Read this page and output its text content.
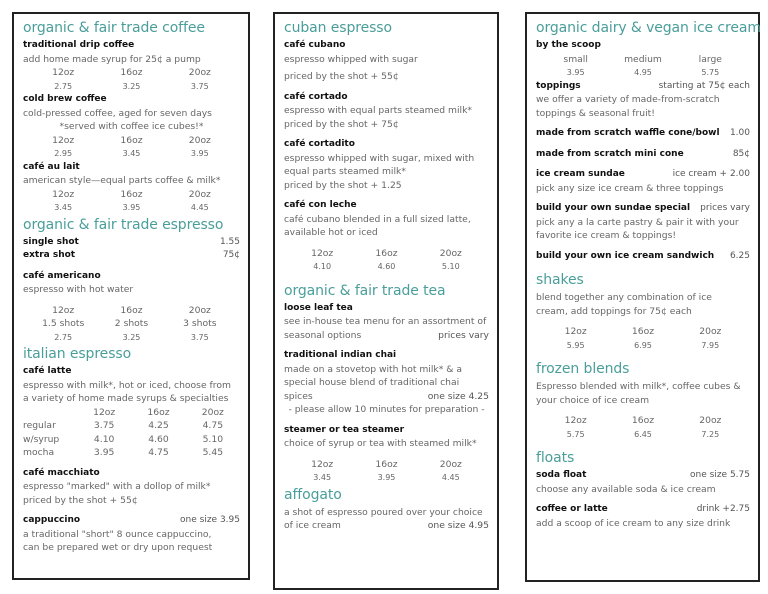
organic & fair trade coffee
traditional drip coffee
add home made syrup for 25¢ a pump
12oz	16oz	20oz
2.75	3.25	3.75
cold brew coffee
cold-pressed coffee, aged for seven days
*served with coffee ice cubes!*
12oz	16oz	20oz
2.95	3.45	3.95
café au lait
american style—equal parts coffee & milk*
12oz	16oz	20oz
3.45	3.95	4.45
organic & fair trade espresso
single shot	1.55
extra shot	75¢
café americano
espresso with hot water
12oz	16oz	20oz
1.5 shots	2 shots	3 shots
2.75	3.25	3.75
italian espresso
café latte
espresso with milk*, hot or iced, choose from
a variety of home made syrups & specialties
12oz	16oz	20oz
regular	3.75	4.25	4.75
w/syrup	4.10	4.60	5.10
mocha	3.95	4.75	5.45
café macchiato
espresso "marked" with a dollop of milk*
priced by the shot + 55¢
cappuccino	one size 3.95
a traditional "short" 8 ounce cappuccino,
can be prepared wet or dry upon request
cuban espresso
café cubano
espresso whipped with sugar
priced by the shot + 55¢
café cortado
espresso with equal parts steamed milk*
priced by the shot + 75¢
café cortadito
espresso whipped with sugar, mixed with
equal parts steamed milk*
priced by the shot + 1.25
café con leche
café cubano blended in a full sized latte,
available hot or iced
12oz	16oz	20oz
4.10	4.60	5.10
organic & fair trade tea
loose leaf tea
see in-house tea menu for an assortment of
seasonal options	prices vary
traditional indian chai
made on a stovetop with hot milk* & a
special house blend of traditional chai
spices	one size 4.25
- please allow 10 minutes for preparation -
steamer or tea steamer
choice of syrup or tea with steamed milk*
12oz	16oz	20oz
3.45	3.95	4.45
affogato
a shot of espresso poured over your choice
of ice cream	one size 4.95
organic dairy & vegan ice cream
by the scoop
small	medium	large
3.95	4.95	5.75
toppings	starting at 75¢ each
we offer a variety of made-from-scratch
toppings & seasonal fruit!
made from scratch waffle cone/bowl	1.00
made from scratch mini cone	85¢
ice cream sundae	ice cream + 2.00
pick any size ice cream & three toppings
build your own sundae special	prices vary
pick any a la carte pastry & pair it with your
favorite ice cream & toppings!
build your own ice cream sandwich	6.25
shakes
blend together any combination of ice
cream, add toppings for 75¢ each
12oz	16oz	20oz
5.95	6.95	7.95
frozen blends
Espresso blended with milk*, coffee cubes &
your choice of ice cream
12oz	16oz	20oz
5.75	6.45	7.25
floats
soda float	one size 5.75
choose any available soda & ice cream
coffee or latte	drink +2.75
add a scoop of ice cream to any size drink
